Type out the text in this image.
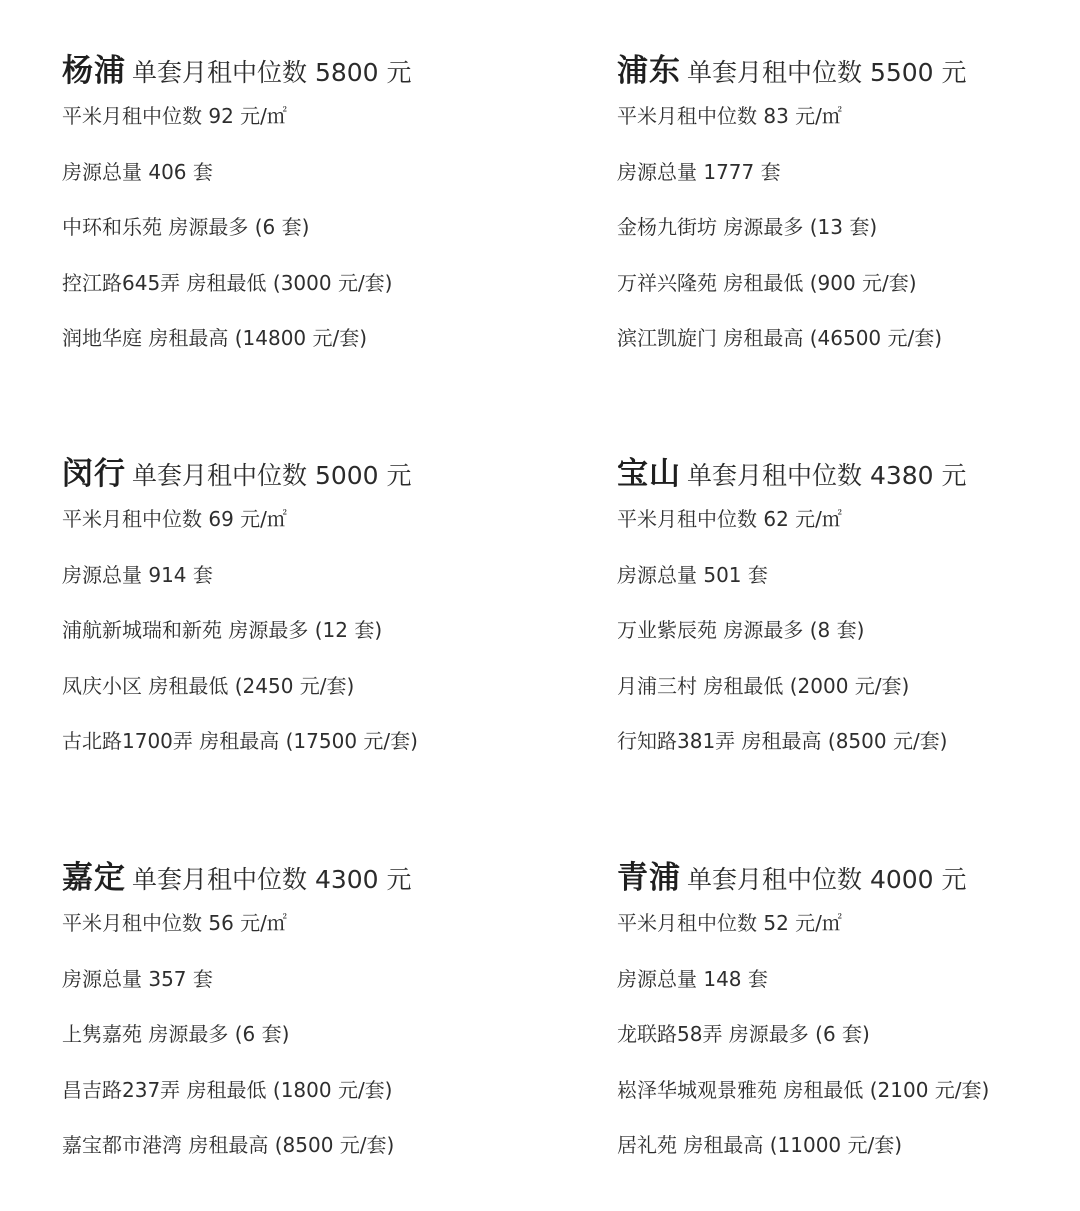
杨浦 单套月租中位数 5800 元
平米月租中位数 92 元/㎡
房源总量 406 套
中环和乐苑 房源最多 (6 套)
控江路645弄 房租最低 (3000 元/套)
润地华庭 房租最高 (14800 元/套)
浦东 单套月租中位数 5500 元
平米月租中位数 83 元/㎡
房源总量 1777 套
金杨九街坊 房源最多 (13 套)
万祥兴隆苑 房租最低 (900 元/套)
滨江凯旋门 房租最高 (46500 元/套)
闵行 单套月租中位数 5000 元
平米月租中位数 69 元/㎡
房源总量 914 套
浦航新城瑞和新苑 房源最多 (12 套)
凤庆小区 房租最低 (2450 元/套)
古北路1700弄 房租最高 (17500 元/套)
宝山 单套月租中位数 4380 元
平米月租中位数 62 元/㎡
房源总量 501 套
万业紫辰苑 房源最多 (8 套)
月浦三村 房租最低 (2000 元/套)
行知路381弄 房租最高 (8500 元/套)
嘉定 单套月租中位数 4300 元
平米月租中位数 56 元/㎡
房源总量 357 套
上隽嘉苑 房源最多 (6 套)
昌吉路237弄 房租最低 (1800 元/套)
嘉宝都市港湾 房租最高 (8500 元/套)
青浦 单套月租中位数 4000 元
平米月租中位数 52 元/㎡
房源总量 148 套
龙联路58弄 房源最多 (6 套)
崧泽华城观景雅苑 房租最低 (2100 元/套)
居礼苑 房租最高 (11000 元/套)
